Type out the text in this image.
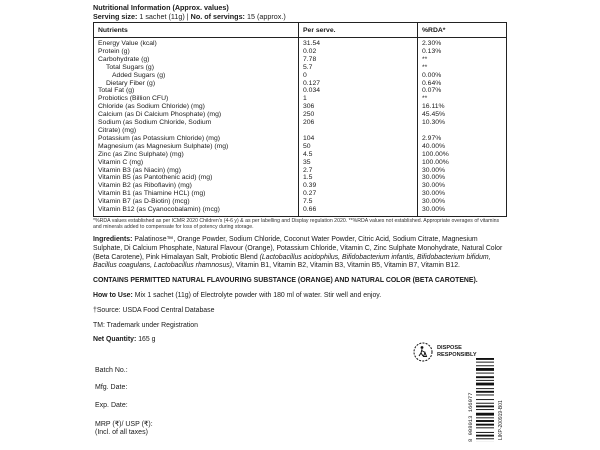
Nutritional Information (Approx. values)
Serving size: 1 sachet (11g) | No. of servings: 15 (approx.)
Nutrients	Per serve.	%RDA*
Energy Value (kcal)	31.54	2.30%
Protein (g)	0.02	0.13%
Carbohydrate (g)	7.78	**
Total Sugars (g)	5.7	**
Added Sugars (g)	0	0.00%
Dietary Fiber (g)	0.127	0.64%
Total Fat (g)	0.034	0.07%
Probiotics (Billion CFU)	1	**
Chloride (as Sodium Chloride) (mg)	306	16.11%
Calcium (as Di Calcium Phosphate) (mg)	250	45.45%
Sodium (as Sodium Chloride, Sodium	206	10.30%
Citrate) (mg)		
Potassium (as Potassium Chloride) (mg)	104	2.97%
Magnesium (as Magnesium Sulphate) (mg)	50	40.00%
Zinc (as Zinc Sulphate) (mg)	4.5	100.00%
Vitamin C (mg)	35	100.00%
Vitamin B3 (as Niacin) (mg)	2.7	30.00%
Vitamin B5 (as Pantothenic acid) (mg)	1.5	30.00%
Vitamin B2 (as Riboflavin) (mg)	0.39	30.00%
Vitamin B1 (as Thiamine HCL) (mg)	0.27	30.00%
Vitamin B7 (as D-Biotin) (mcg)	7.5	30.00%
Vitamin B12 (as Cyanocobalamin) (mcg)	0.66	30.00%
*%RDA values established as per ICMR 2020 Children's (4-6 y) & as per labelling and Display regulation 2020. **%RDA values not established. Appropriate overages of vitamins and minerals added to compensate for loss of potency during storage.
Ingredients: Palatinose™, Orange Powder, Sodium Chloride, Coconut Water Powder, Citric Acid, Sodium Citrate, Magnesium Sulphate, Di Calcium Phosphate, Natural Flavour (Orange), Potassium Chloride, Vitamin C, Zinc Sulphate Monohydrate, Natural Color (Beta Carotene), Pink Himalayan Salt, Probiotic Blend (Lactobacillus acidophilus, Bifidobacterium infantis, Bifidobacterium bifidum, Bacillus coagulans, Lactobacillus rhamnosus), Vitamin B1, Vitamin B2, Vitamin B3, Vitamin B5, Vitamin B7, Vitamin B12.
CONTAINS PERMITTED NATURAL FLAVOURING SUBSTANCE (ORANGE) AND NATURAL COLOR (BETA CAROTENE).
How to Use: Mix 1 sachet (11g) of Electrolyte powder with 180 ml of water. Stir well and enjoy.
†Source: USDA Food Central Database
TM: Trademark under Registration
Net Quantity: 165 g
Batch No.:
Mfg. Date:
Exp. Date:
MRP (₹)/ USP (₹):
(Incl. of all taxes)
DISPOSE
RESPONSIBLY
8 908013 166077	LIKP-200919-B01
